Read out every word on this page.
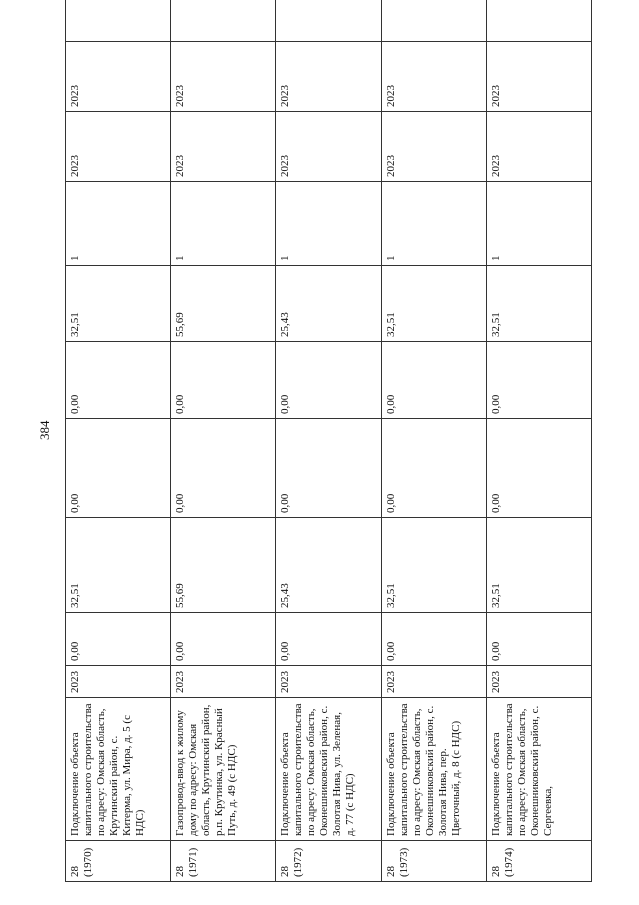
384
28
(1970)	Подключение объекта капитального строительства по адресу: Омская область, Крутинский район, с. Китерма, ул. Мира, д. 5 (с НДС)	2023	0,00	32,51	0,00	0,00	32,51	1	2023	2023	
28
(1971)	Газопровод-ввод к жилому дому по адресу: Омская область, Крутинский район, р.п. Крутинка, ул. Красный Путь, д. 49 (с НДС)	2023	0,00	55,69	0,00	0,00	55,69	1	2023	2023	
28
(1972)	Подключение объекта капитального строительства по адресу: Омская область, Оконешниковский район, с. Золотая Нива, ул. Зеленая, д. 77 (с НДС)	2023	0,00	25,43	0,00	0,00	25,43	1	2023	2023	
28
(1973)	Подключение объекта капитального строительства по адресу: Омская область, Оконешниковский район, с. Золотая Нива, пер. Цветочный, д. 8 (с НДС)	2023	0,00	32,51	0,00	0,00	32,51	1	2023	2023	
28
(1974)	Подключение объекта капитального строительства по адресу: Омская область, Оконешниковский район, с. Сергеевка,	2023	0,00	32,51	0,00	0,00	32,51	1	2023	2023	
